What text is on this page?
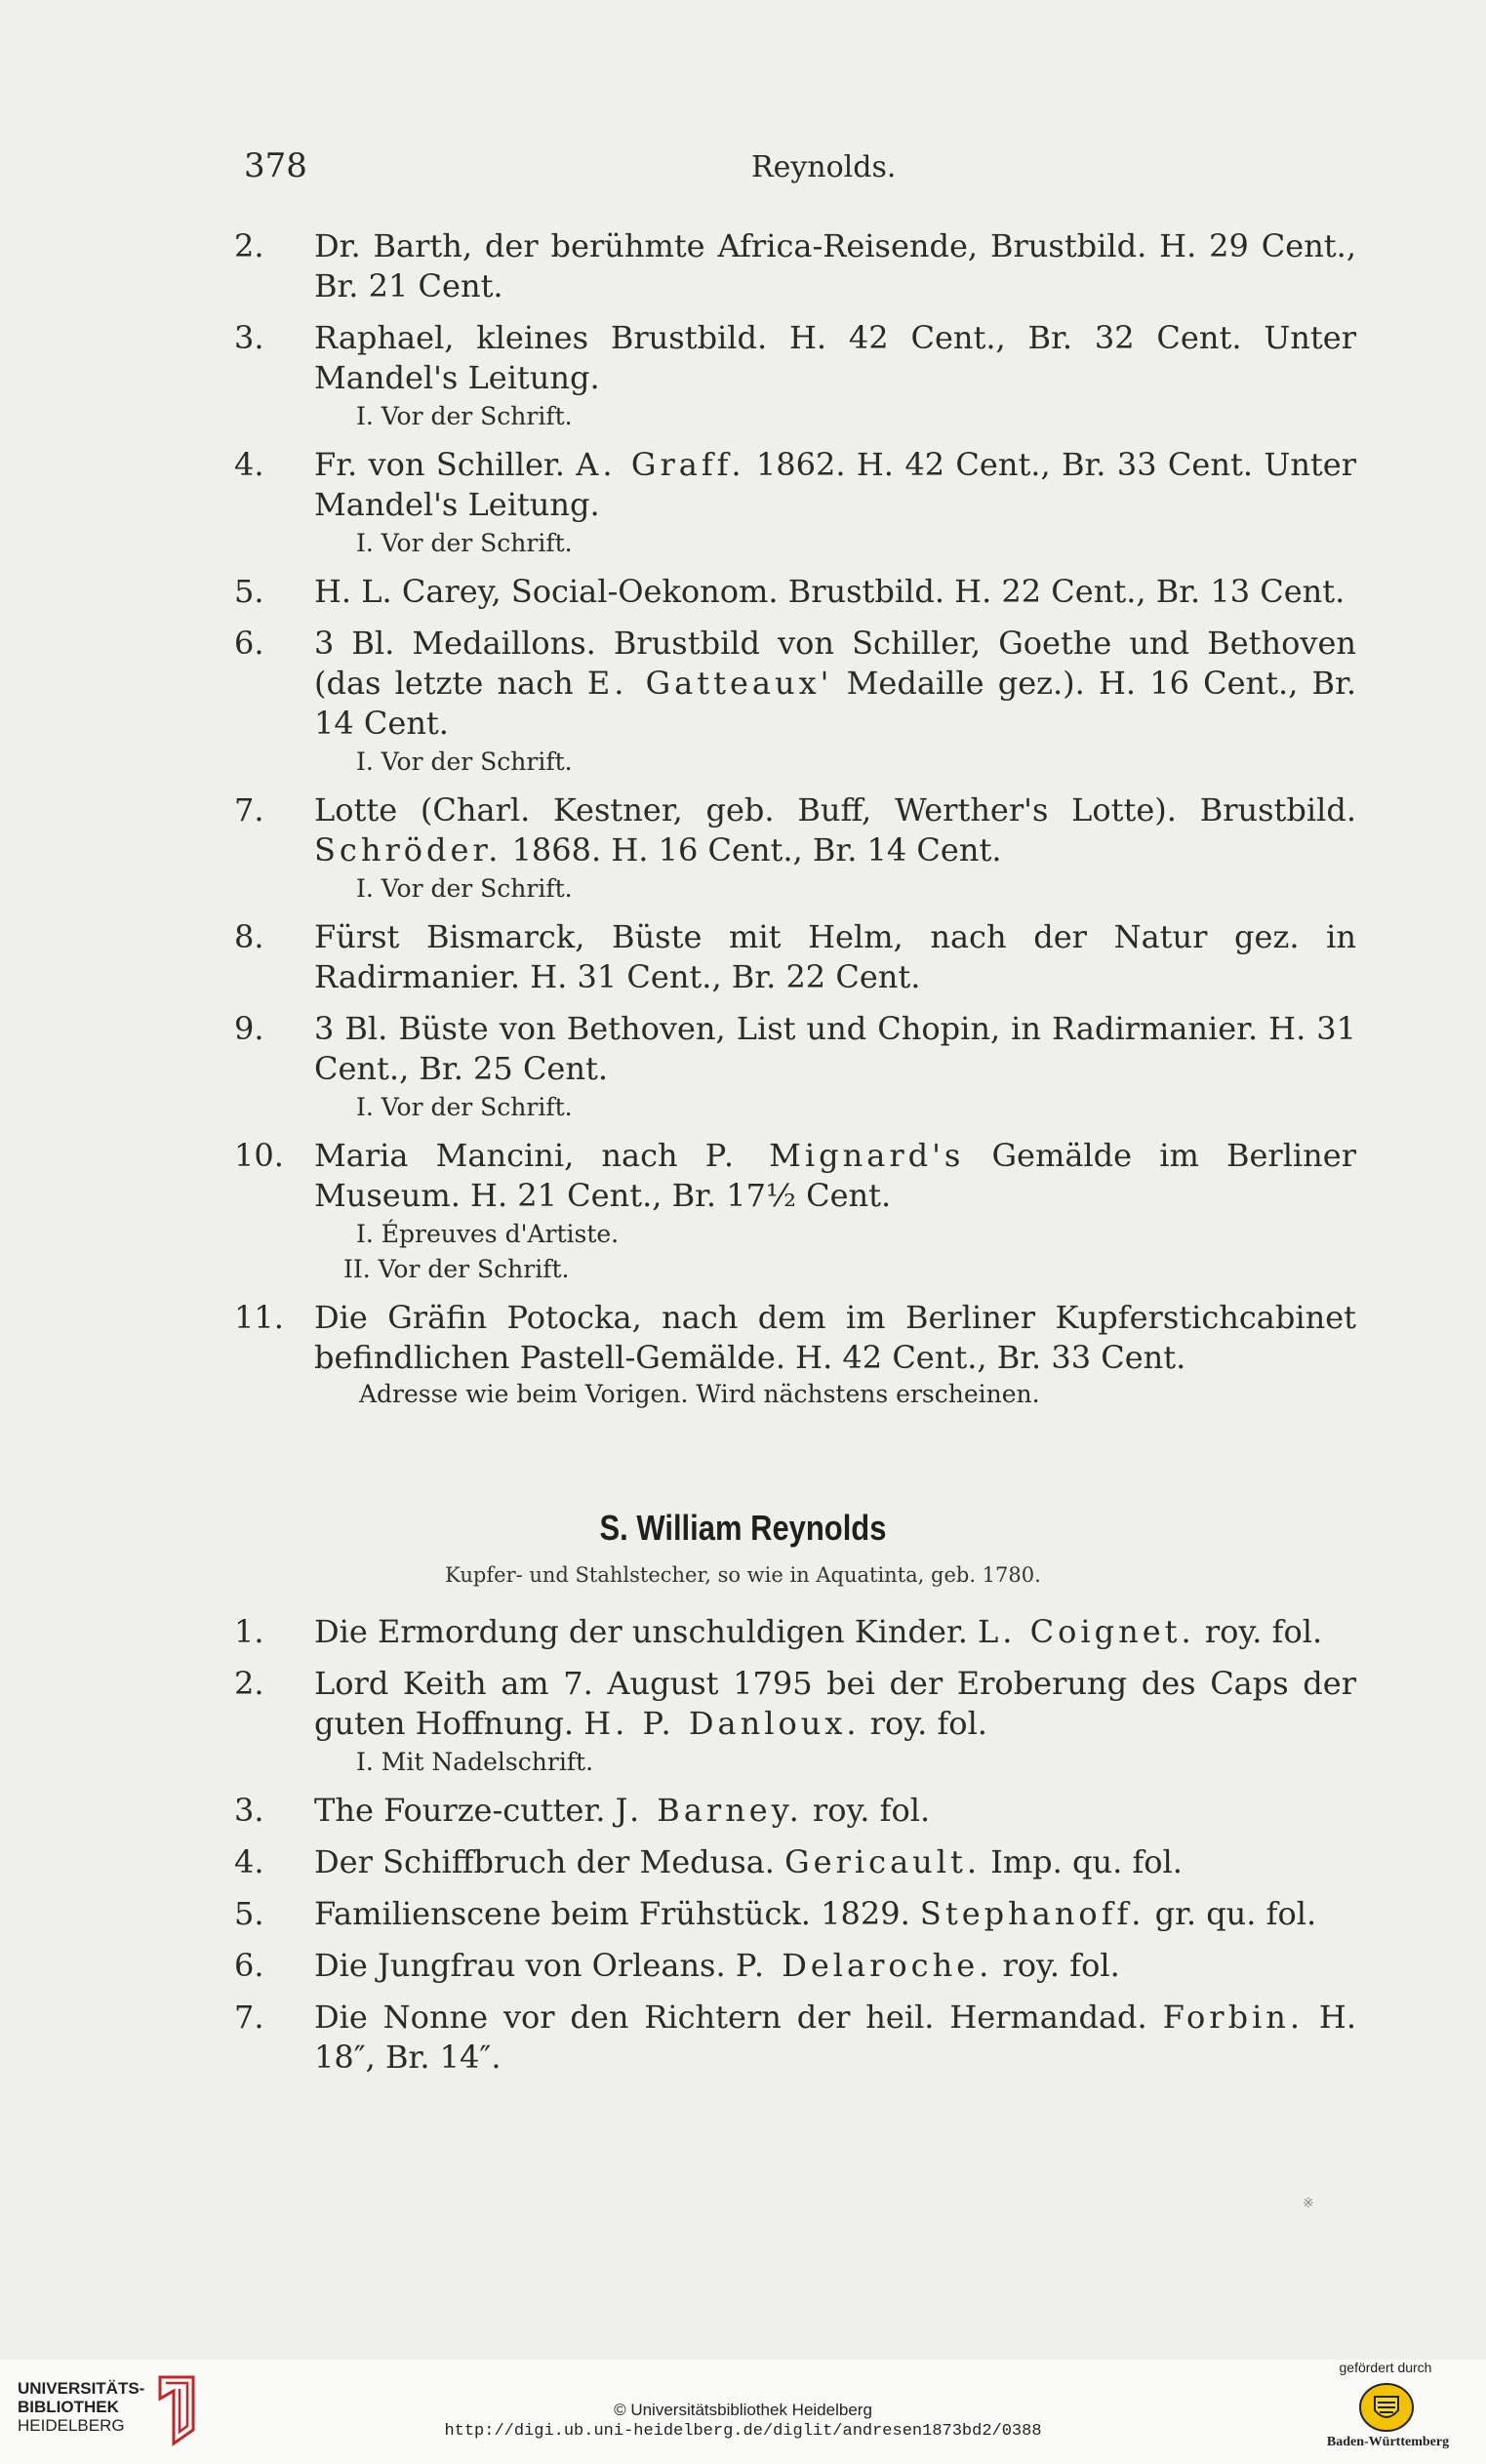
378	Reynolds.
2.	Dr. Barth, der berühmte Africa-Reisende, Brustbild. H. 29 Cent., Br. 21 Cent.
3.	Raphael, kleines Brustbild. H. 42 Cent., Br. 32 Cent. Unter Mandel's Leitung.
I. Vor der Schrift.
4.	Fr. von Schiller. A. Graff. 1862. H. 42 Cent., Br. 33 Cent. Unter Mandel's Leitung.
I. Vor der Schrift.
5.	H. L. Carey, Social-Oekonom. Brustbild. H. 22 Cent., Br. 13 Cent.
6.	3 Bl. Medaillons. Brustbild von Schiller, Goethe und Bethoven (das letzte nach E. Gatteaux' Medaille gez.). H. 16 Cent., Br. 14 Cent.
I. Vor der Schrift.
7.	Lotte (Charl. Kestner, geb. Buff, Werther's Lotte). Brustbild. Schröder. 1868. H. 16 Cent., Br. 14 Cent.
I. Vor der Schrift.
8.	Fürst Bismarck, Büste mit Helm, nach der Natur gez. in Radirmanier. H. 31 Cent., Br. 22 Cent.
9.	3 Bl. Büste von Bethoven, List und Chopin, in Radirmanier. H. 31 Cent., Br. 25 Cent.
I. Vor der Schrift.
10. Maria Mancini, nach P. Mignard's Gemälde im Berliner Museum. H. 21 Cent., Br. 17½ Cent.
I. Épreuves d'Artiste.
II. Vor der Schrift.
11. Die Gräfin Potocka, nach dem im Berliner Kupferstichcabinet befindlichen Pastell-Gemälde. H. 42 Cent., Br. 33 Cent.
Adresse wie beim Vorigen. Wird nächstens erscheinen.
S. William Reynolds
Kupfer- und Stahlstecher, so wie in Aquatinta, geb. 1780.
1.	Die Ermordung der unschuldigen Kinder. L. Coignet. roy. fol.
2.	Lord Keith am 7. August 1795 bei der Eroberung des Caps der guten Hoffnung. H. P. Danloux. roy. fol.
I. Mit Nadelschrift.
3.	The Fourze-cutter. J. Barney. roy. fol.
4.	Der Schiffbruch der Medusa. Gericault. Imp. qu. fol.
5.	Familienscene beim Frühstück. 1829. Stephanoff. gr. qu. fol.
6.	Die Jungfrau von Orleans. P. Delaroche. roy. fol.
7.	Die Nonne vor den Richtern der heil. Hermandad. Forbin. H. 18″, Br. 14″.
※
UNIVERSITÄTS-
BIBLIOTHEK
HEIDELBERG
© Universitätsbibliothek Heidelberg
http://digi.ub.uni-heidelberg.de/diglit/andresen1873bd2/0388
gefördert durch
Baden-Württemberg
